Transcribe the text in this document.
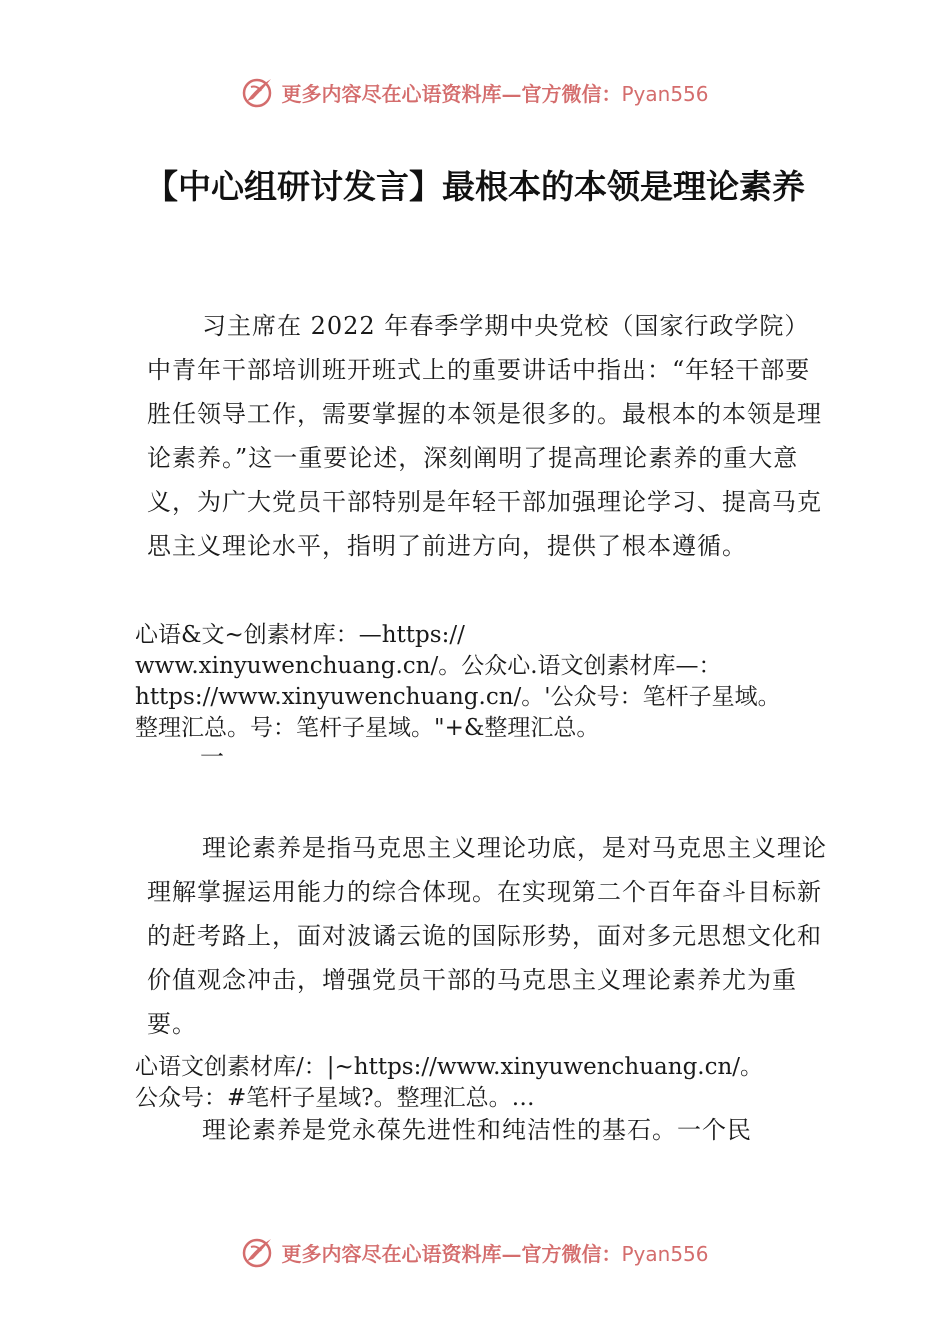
更多内容尽在心语资料库—官方微信：Pyan556
【中心组研讨发言】最根本的本领是理论素养

习主席在 2022 年春季学期中央党校（国家行政学院） 中青年干部培训班开班式上的重要讲话中指出：“年轻干部要胜任领导工作，需要掌握的本领是很多的。最根本的本领是理论素养。”这一重要论述，深刻阐明了提高理论素养的重大意义，为广大党员干部特别是年轻干部加强理论学习、提高马克思主义理论水平，指明了前进方向，提供了根本遵循。

心语&文~创素材库：—https://
www.xinyuwenchuang.cn/。公众心.语文创素材库—：
https://www.xinyuwenchuang.cn/。'公众号：笔杆子星域。
整理汇总。号：笔杆子星域。"+&整理汇总。
一

理论素养是指马克思主义理论功底，是对马克思主义理论理解掌握运用能力的综合体现。在实现第二个百年奋斗目标新的赶考路上，面对波谲云诡的国际形势，面对多元思想文化和价值观念冲击，增强党员干部的马克思主义理论素养尤为重要。

心语文创素材库/：|~https://www.xinyuwenchuang.cn/。
公众号：#笔杆子星域?。整理汇总。…

理论素养是党永葆先进性和纯洁性的基石。一个民

更多内容尽在心语资料库—官方微信：Pyan556
